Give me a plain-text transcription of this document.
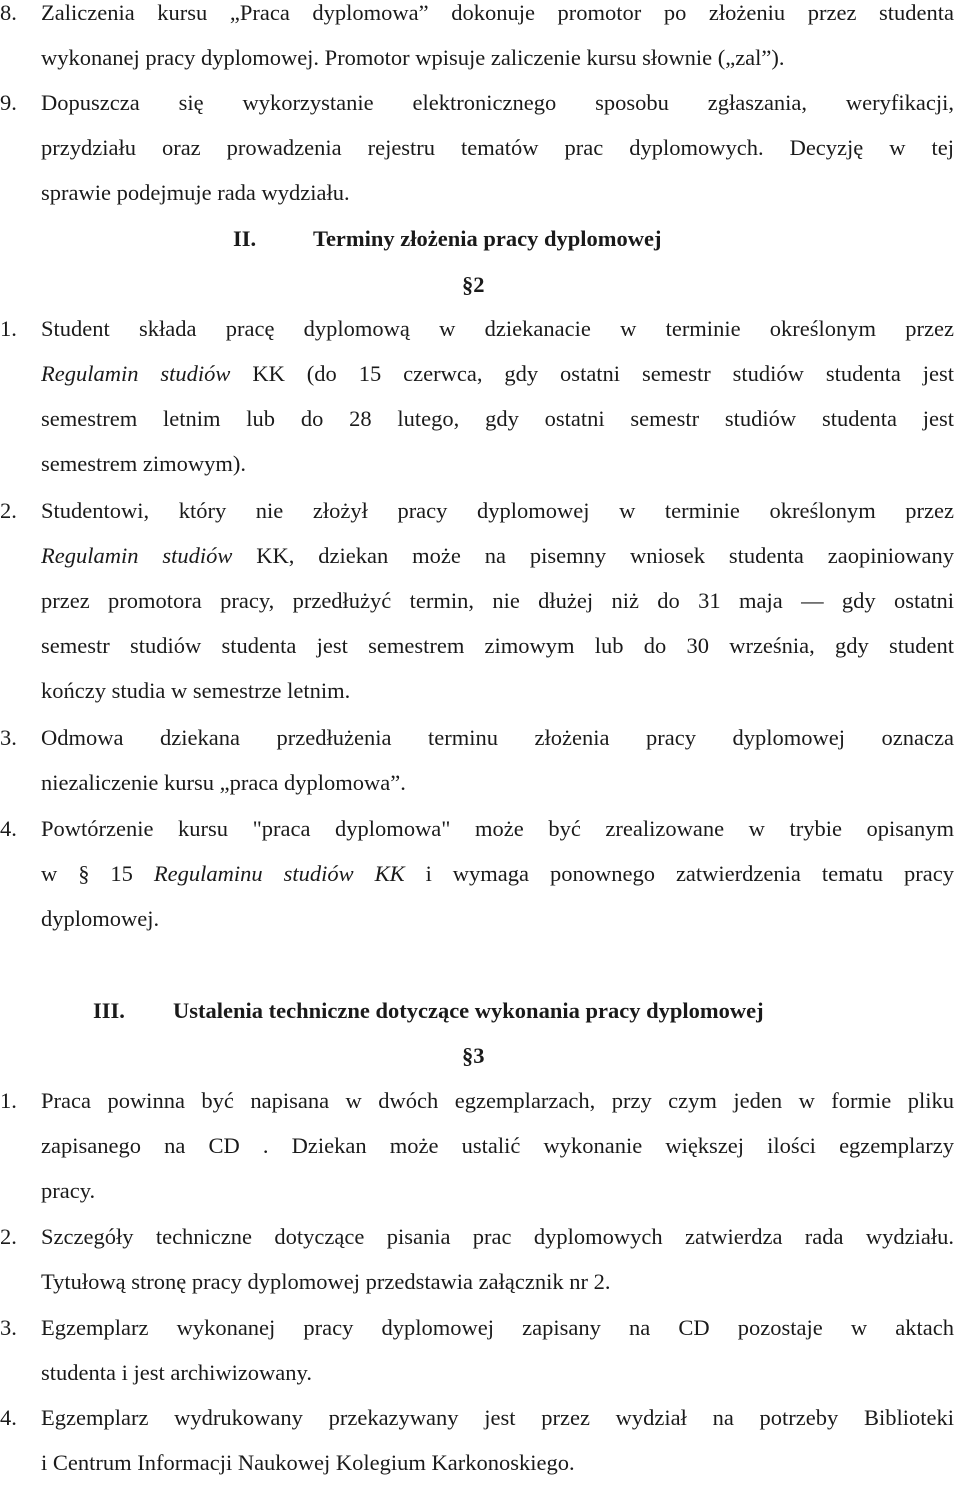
8.	Zaliczenia kursu „Praca dyplomowa” dokonuje promotor po złożeniu przez studenta
wykonanej pracy dyplomowej. Promotor wpisuje zaliczenie kursu słownie („zal”).
9.	Dopuszcza się wykorzystanie elektronicznego sposobu zgłaszania, weryfikacji,
przydziału oraz prowadzenia rejestru tematów prac dyplomowych. Decyzję w tej
sprawie podejmuje rada wydziału.
II.	Terminy złożenia pracy dyplomowej
§2
1.	Student składa pracę dyplomową w dziekanacie w terminie określonym przez
Regulamin studiów KK (do 15 czerwca, gdy ostatni semestr studiów studenta jest
semestrem letnim lub do 28 lutego, gdy ostatni semestr studiów studenta jest
semestrem zimowym).
2.	Studentowi, który nie złożył pracy dyplomowej w terminie określonym przez
Regulamin studiów KK, dziekan może na pisemny wniosek studenta zaopiniowany
przez promotora pracy, przedłużyć termin, nie dłużej niż do 31 maja — gdy ostatni
semestr studiów studenta jest semestrem zimowym lub do 30 września, gdy student
kończy studia w semestrze letnim.
3.	Odmowa dziekana przedłużenia terminu złożenia pracy dyplomowej oznacza
niezaliczenie kursu „praca dyplomowa”.
4.	Powtórzenie kursu "praca dyplomowa" może być zrealizowane w trybie opisanym
w § 15 Regulaminu studiów KK i wymaga ponownego zatwierdzenia tematu pracy
dyplomowej.
III. Ustalenia techniczne dotyczące wykonania pracy dyplomowej
§3
1.	Praca powinna być napisana w dwóch egzemplarzach, przy czym jeden w formie pliku
zapisanego na CD . Dziekan może ustalić wykonanie większej ilości egzemplarzy
pracy.
2.	Szczegóły techniczne dotyczące pisania prac dyplomowych zatwierdza rada wydziału.
Tytułową stronę pracy dyplomowej przedstawia załącznik nr 2.
3.	Egzemplarz wykonanej pracy dyplomowej zapisany na CD pozostaje w aktach
studenta i jest archiwizowany.
4.	Egzemplarz wydrukowany przekazywany jest przez wydział na potrzeby Biblioteki
i Centrum Informacji Naukowej Kolegium Karkonoskiego.
